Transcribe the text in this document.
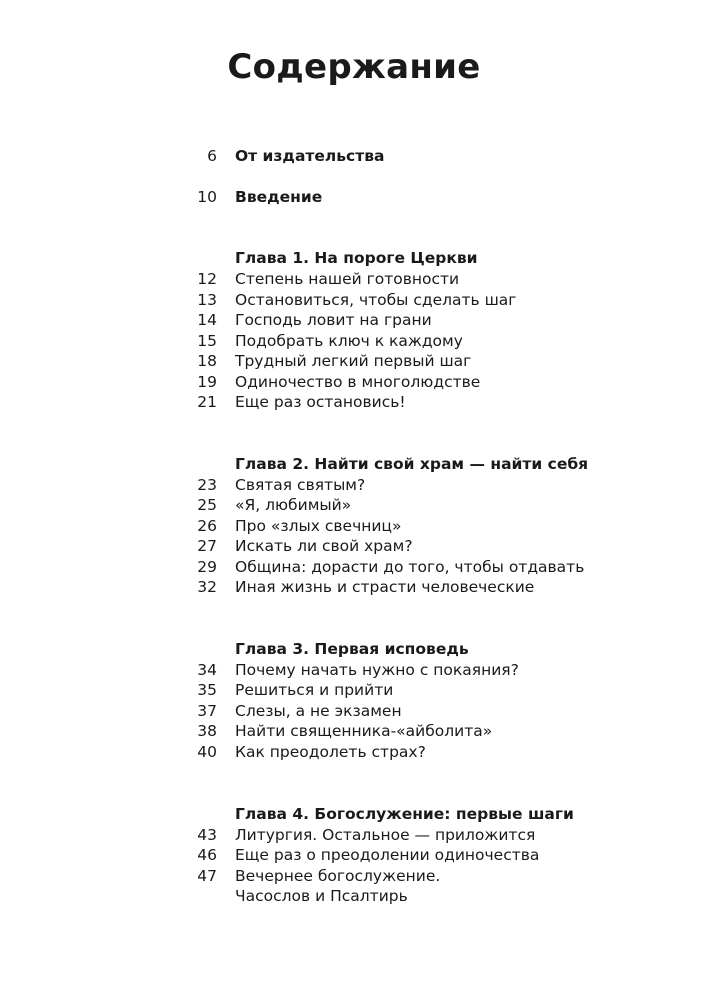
Содержание
6 От издательства
10 Введение
Глава 1. На пороге Церкви
12 Степень нашей готовности
13 Остановиться, чтобы сделать шаг
14 Господь ловит на грани
15 Подобрать ключ к каждому
18 Трудный легкий первый шаг
19 Одиночество в многолюдстве
21 Еще раз остановись!
Глава 2. Найти свой храм — найти себя
23 Святая святым?
25 «Я, любимый»
26 Про «злых свечниц»
27 Искать ли свой храм?
29 Община: дорасти до того, чтобы отдавать
32 Иная жизнь и страсти человеческие
Глава 3. Первая исповедь
34 Почему начать нужно с покаяния?
35 Решиться и прийти
37 Слезы, а не экзамен
38 Найти священника-«айболита»
40 Как преодолеть страх?
Глава 4. Богослужение: первые шаги
43 Литургия. Остальное — приложится
46 Еще раз о преодолении одиночества
47 Вечернее богослужение.
Часослов и Псалтирь
